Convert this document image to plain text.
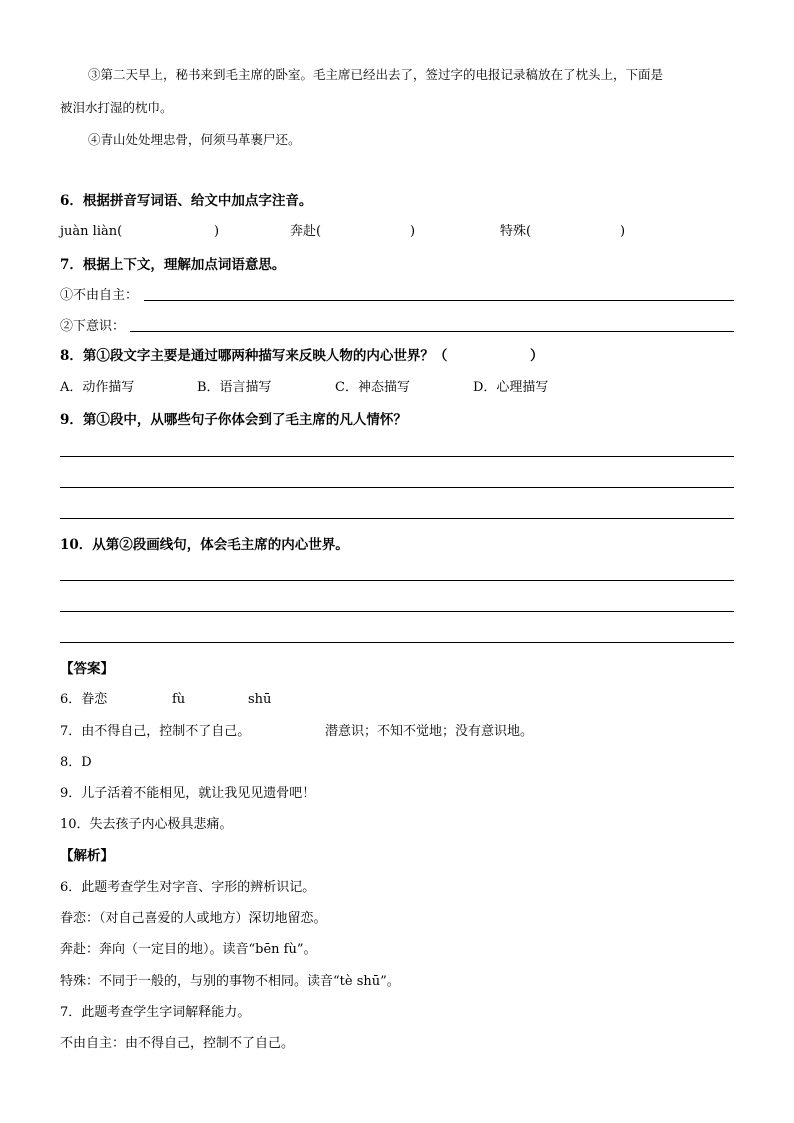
③第二天早上，秘书来到毛主席的卧室。毛主席已经出去了，签过字的电报记录稿放在了枕头上，下面是
被泪水打湿的枕巾。
④青山处处埋忠骨，何须马革裹尸还。
6．根据拼音写词语、给文中加点字注音。
juàn liàn(	)	奔赴(	)	特殊(	)
7．根据上下文，理解加点词语意思。
①不由自主：
②下意识：
8．第①段文字主要是通过哪两种描写来反映人物的内心世界？（	）
A．动作描写	B．语言描写	C．神态描写	D．心理描写
9．第①段中，从哪些句子你体会到了毛主席的凡人情怀？
10．从第②段画线句，体会毛主席的内心世界。
【答案】
6．眷恋	fù	shū
7．由不得自己，控制不了自己。	潜意识；不知不觉地；没有意识地。
8．D
9．儿子活着不能相见，就让我见见遗骨吧！
10．失去孩子内心极具悲痛。
【解析】
6．此题考查学生对字音、字形的辨析识记。
眷恋：（对自己喜爱的人或地方）深切地留恋。
奔赴：奔向（一定目的地）。读音“bēn fù”。
特殊：不同于一般的，与别的事物不相同。读音“tè shū”。
7．此题考查学生字词解释能力。
不由自主：由不得自己，控制不了自己。
